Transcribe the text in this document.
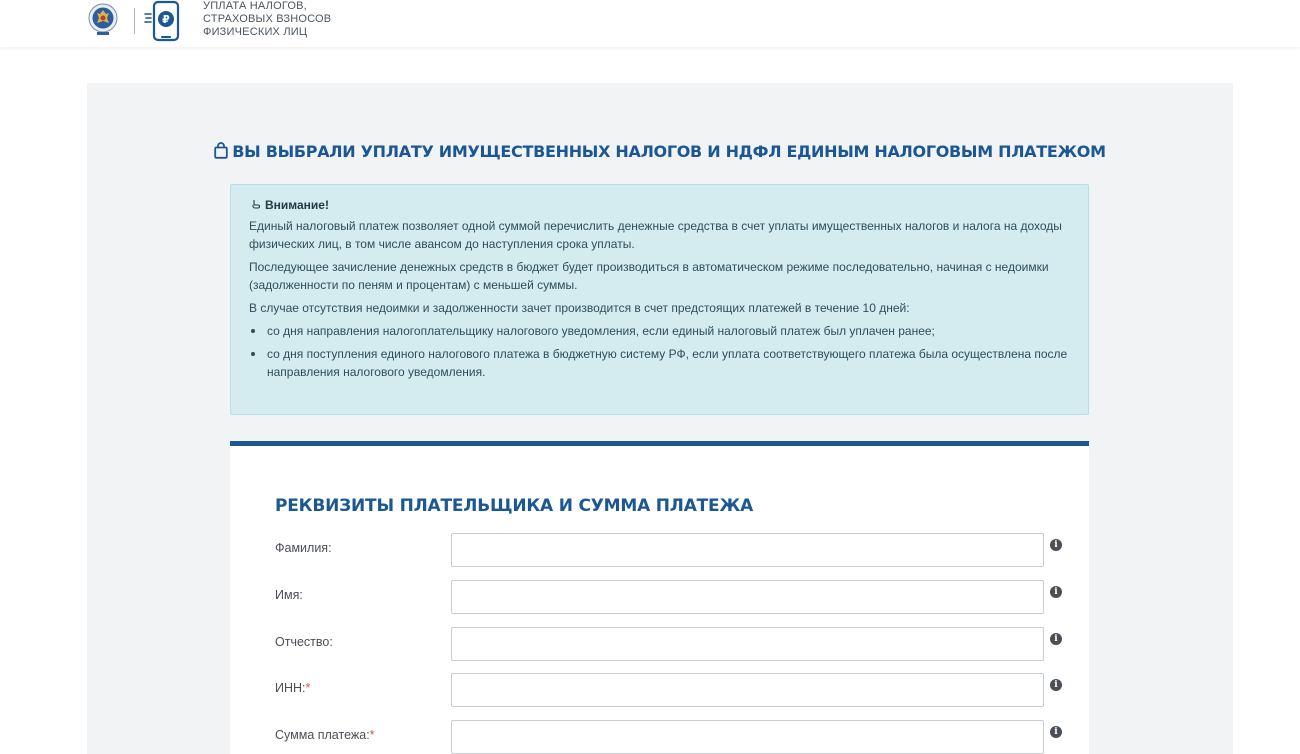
₽
УПЛАТА НАЛОГОВ,
СТРАХОВЫХ ВЗНОСОВ
ФИЗИЧЕСКИХ ЛИЦ
ВЫ ВЫБРАЛИ УПЛАТУ ИМУЩЕСТВЕННЫХ НАЛОГОВ И НДФЛ ЕДИНЫМ НАЛОГОВЫМ ПЛАТЕЖОМ
Внимание!

Единый налоговый платеж позволяет одной суммой перечислить денежные средства в счет уплаты имущественных налогов и налога на доходы физических лиц, в том числе авансом до наступления срока уплаты.

Последующее зачисление денежных средств в бюджет будет производиться в автоматическом режиме последовательно, начиная с недоимки (задолженности по пеням и процентам) с меньшей суммы.

В случае отсутствия недоимки и задолженности зачет производится в счет предстоящих платежей в течение 10 дней:

со дня направления налогоплательщику налогового уведомления, если единый налоговый платеж был уплачен ранее;
со дня поступления единого налогового платежа в бюджетную систему РФ, если уплата соответствующего платежа была осуществлена после направления налогового уведомления.
РЕКВИЗИТЫ ПЛАТЕЛЬЩИКА И СУММА ПЛАТЕЖА
Фамилия:	i
Имя:	i
Отчество:	i
ИНН:*	i
Сумма платежа:*	i
